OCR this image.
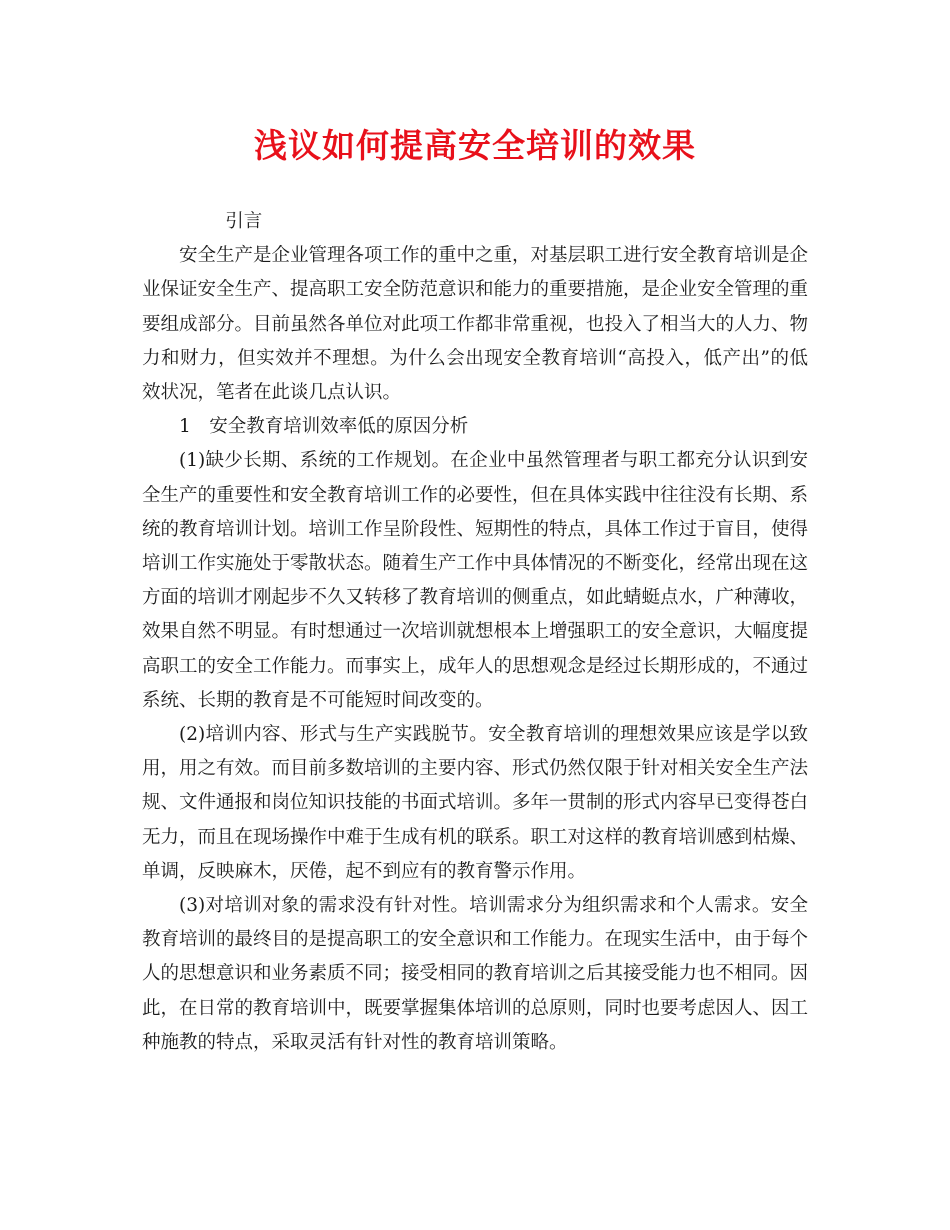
浅议如何提高安全培训的效果

引言

安全生产是企业管理各项工作的重中之重，对基层职工进行安全教育培训是企业保证安全生产、提高职工安全防范意识和能力的重要措施，是企业安全管理的重要组成部分。目前虽然各单位对此项工作都非常重视，也投入了相当大的人力、物力和财力，但实效并不理想。为什么会出现安全教育培训“高投入，低产出”的低效状况，笔者在此谈几点认识。

1　安全教育培训效率低的原因分析

(1)缺少长期、系统的工作规划。在企业中虽然管理者与职工都充分认识到安全生产的重要性和安全教育培训工作的必要性，但在具体实践中往往没有长期、系统的教育培训计划。培训工作呈阶段性、短期性的特点，具体工作过于盲目，使得培训工作实施处于零散状态。随着生产工作中具体情况的不断变化，经常出现在这方面的培训才刚起步不久又转移了教育培训的侧重点，如此蜻蜓点水，广种薄收，效果自然不明显。有时想通过一次培训就想根本上增强职工的安全意识，大幅度提高职工的安全工作能力。而事实上，成年人的思想观念是经过长期形成的，不通过系统、长期的教育是不可能短时间改变的。

(2)培训内容、形式与生产实践脱节。安全教育培训的理想效果应该是学以致用，用之有效。而目前多数培训的主要内容、形式仍然仅限于针对相关安全生产法规、文件通报和岗位知识技能的书面式培训。多年一贯制的形式内容早已变得苍白无力，而且在现场操作中难于生成有机的联系。职工对这样的教育培训感到枯燥、单调，反映麻木，厌倦，起不到应有的教育警示作用。

(3)对培训对象的需求没有针对性。培训需求分为组织需求和个人需求。安全教育培训的最终目的是提高职工的安全意识和工作能力。在现实生活中，由于每个人的思想意识和业务素质不同；接受相同的教育培训之后其接受能力也不相同。因此，在日常的教育培训中，既要掌握集体培训的总原则，同时也要考虑因人、因工种施教的特点，采取灵活有针对性的教育培训策略。
